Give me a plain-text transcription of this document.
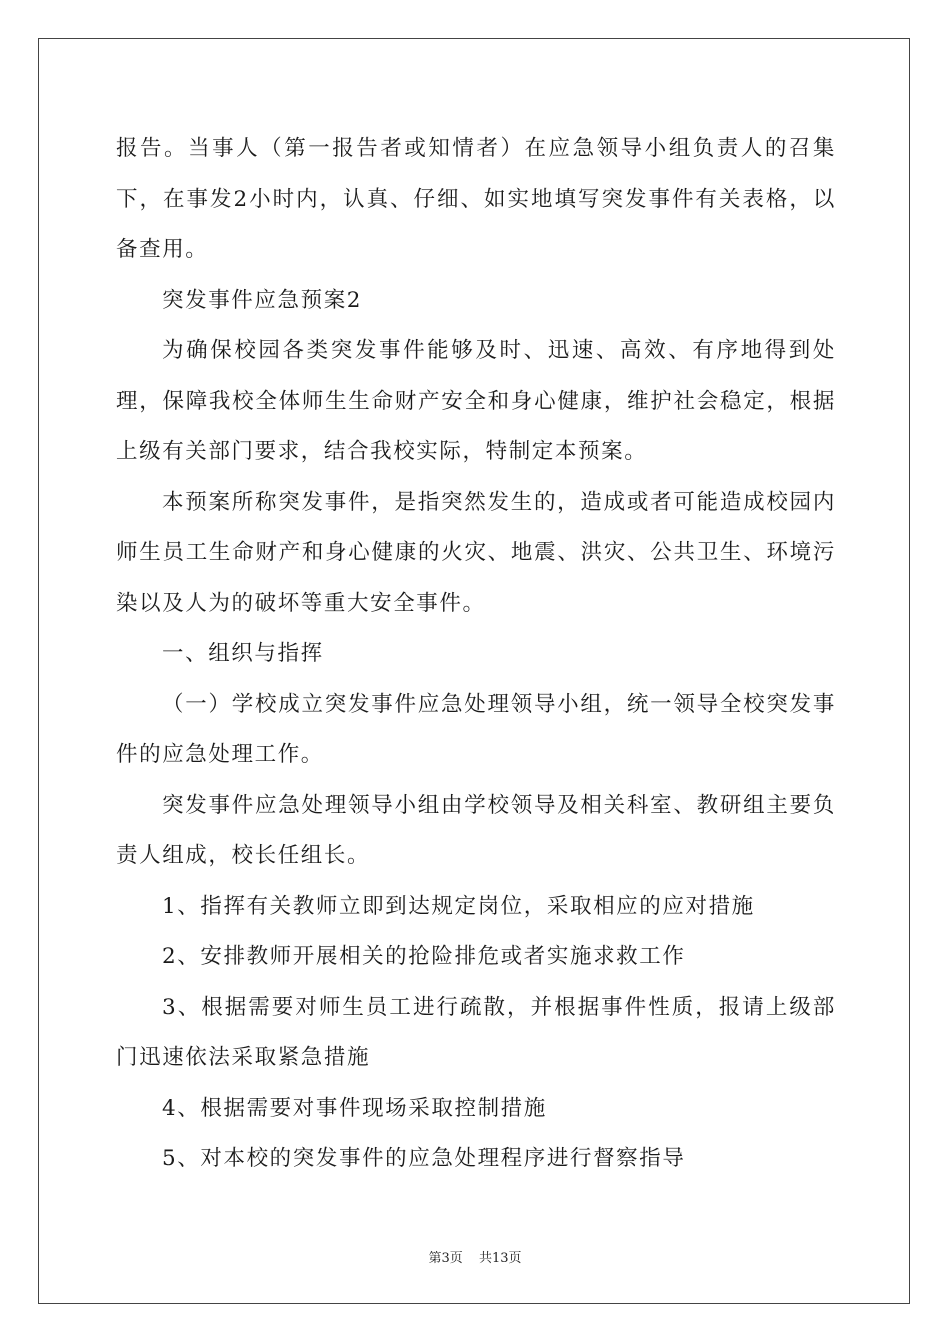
报告。当事人（第一报告者或知情者）在应急领导小组负责人的召集下，在事发2小时内，认真、仔细、如实地填写突发事件有关表格，以备查用。

突发事件应急预案2

为确保校园各类突发事件能够及时、迅速、高效、有序地得到处理，保障我校全体师生生命财产安全和身心健康，维护社会稳定，根据上级有关部门要求，结合我校实际，特制定本预案。

本预案所称突发事件，是指突然发生的，造成或者可能造成校园内师生员工生命财产和身心健康的火灾、地震、洪灾、公共卫生、环境污染以及人为的破坏等重大安全事件。

一、组织与指挥

（一）学校成立突发事件应急处理领导小组，统一领导全校突发事件的应急处理工作。

突发事件应急处理领导小组由学校领导及相关科室、教研组主要负责人组成，校长任组长。

1、指挥有关教师立即到达规定岗位，采取相应的应对措施

2、安排教师开展相关的抢险排危或者实施求救工作

3、根据需要对师生员工进行疏散，并根据事件性质，报请上级部门迅速依法采取紧急措施

4、根据需要对事件现场采取控制措施

5、对本校的突发事件的应急处理程序进行督察指导

第3页 共13页
